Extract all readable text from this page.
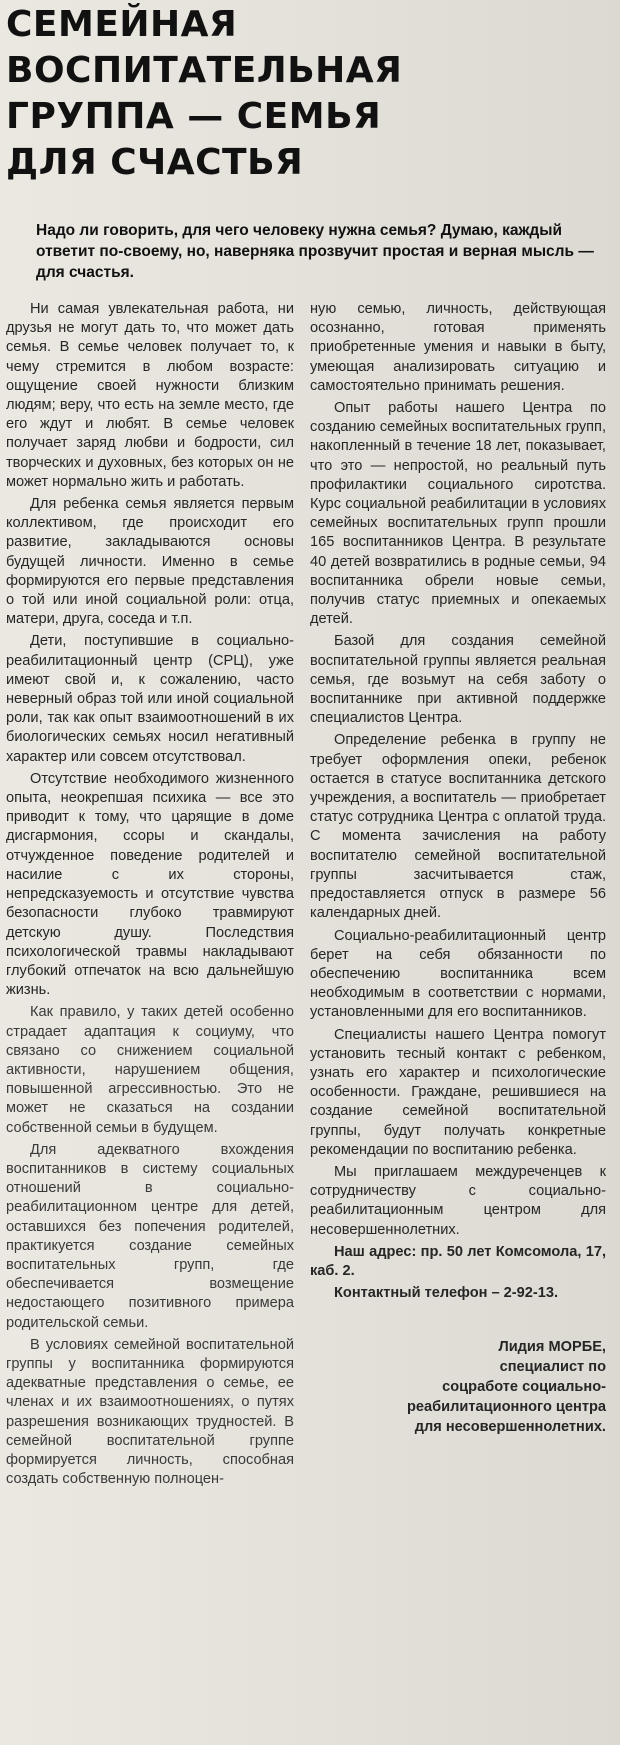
СЕМЕЙНАЯ
ВОСПИТАТЕЛЬНАЯ
ГРУППА — СЕМЬЯ
ДЛЯ СЧАСТЬЯ

Надо ли говорить, для чего человеку нужна семья? Думаю, каждый ответит по-своему, но, наверняка прозвучит простая и верная мысль — для счастья.

Ни самая увлекательная работа, ни друзья не могут дать то, что может дать семья. В семье человек получает то, к чему стремится в любом возрасте: ощущение своей нужности близким людям; веру, что есть на земле место, где его ждут и любят. В семье человек получает заряд любви и бодрости, сил творческих и духовных, без которых он не может нормально жить и работать.

Для ребенка семья является первым коллективом, где происходит его развитие, закладываются основы будущей личности. Именно в семье формируются его первые представления о той или иной социальной роли: отца, матери, друга, соседа и т.п.

Дети, поступившие в социально-реабилитационный центр (СРЦ), уже имеют свой и, к сожалению, часто неверный образ той или иной социальной роли, так как опыт взаимоотношений в их биологических семьях носил негативный характер или совсем отсутствовал.

Отсутствие необходимого жизненного опыта, неокрепшая психика — все это приводит к тому, что царящие в доме дисгармония, ссоры и скандалы, отчужденное поведение родителей и насилие с их стороны, непредсказуемость и отсутствие чувства безопасности глубоко травмируют детскую душу. Последствия психологической травмы накладывают глубокий отпечаток на всю дальнейшую жизнь.

Как правило, у таких детей особенно страдает адаптация к социуму, что связано со снижением социальной активности, нарушением общения, повышенной агрессивностью. Это не может не сказаться на создании собственной семьи в будущем.

Для адекватного вхождения воспитанников в систему социальных отношений в социально-реабилитационном центре для детей, оставшихся без попечения родителей, практикуется создание семейных воспитательных групп, где обеспечивается возмещение недостающего позитивного примера родительской семьи.

В условиях семейной воспитательной группы у воспитанника формируются адекватные представления о семье, ее членах и их взаимоотношениях, о путях разрешения возникающих трудностей. В семейной воспитательной группе формируется личность, способная создать собственную полноцен-

ную семью, личность, действующая осознанно, готовая применять приобретенные умения и навыки в быту, умеющая анализировать ситуацию и самостоятельно принимать решения.

Опыт работы нашего Центра по созданию семейных воспитательных групп, накопленный в течение 18 лет, показывает, что это — непростой, но реальный путь профилактики социального сиротства. Курс социальной реабилитации в условиях семейных воспитательных групп прошли 165 воспитанников Центра. В результате 40 детей возвратились в родные семьи, 94 воспитанника обрели новые семьи, получив статус приемных и опекаемых детей.

Базой для создания семейной воспитательной группы является реальная семья, где возьмут на себя заботу о воспитаннике при активной поддержке специалистов Центра.

Определение ребенка в группу не требует оформления опеки, ребенок остается в статусе воспитанника детского учреждения, а воспитатель — приобретает статус сотрудника Центра с оплатой труда. С момента зачисления на работу воспитателю семейной воспитательной группы засчитывается стаж, предоставляется отпуск в размере 56 календарных дней.

Социально-реабилитационный центр берет на себя обязанности по обеспечению воспитанника всем необходимым в соответствии с нормами, установленными для его воспитанников.

Специалисты нашего Центра помогут установить тесный контакт с ребенком, узнать его характер и психологические особенности. Граждане, решившиеся на создание семейной воспитательной группы, будут получать конкретные рекомендации по воспитанию ребенка.

Мы приглашаем междуреченцев к сотрудничеству с социально-реабилитационным центром для несовершеннолетних.

Наш адрес: пр. 50 лет Комсомола, 17, каб. 2.

Контактный телефон – 2-92-13.

Лидия МОРБЕ,
специалист по
соцработе социально-
реабилитационного центра
для несовершеннолетних.
